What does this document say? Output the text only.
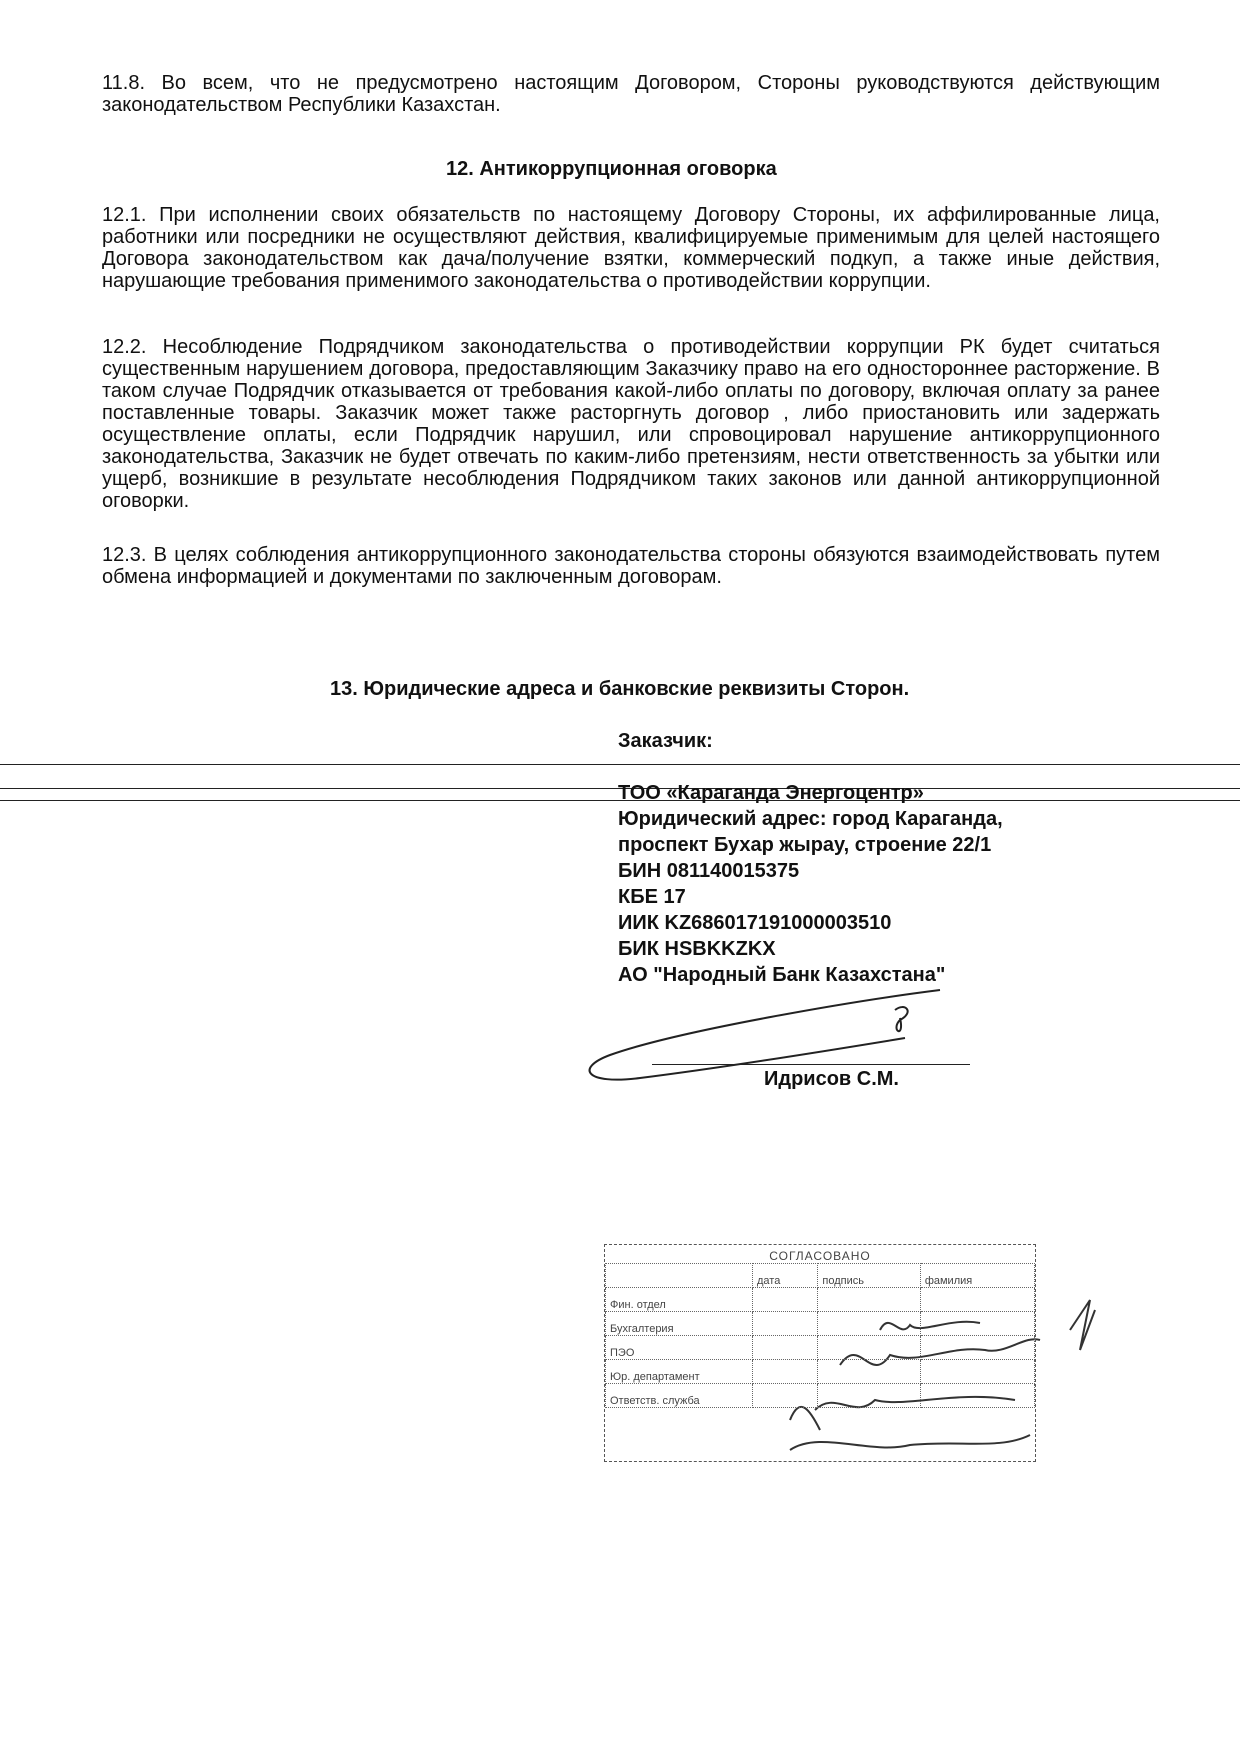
11.8. Во всем, что не предусмотрено настоящим Договором, Стороны руководствуются действующим законодательством Республики Казахстан.

12. Антикоррупционная оговорка

12.1. При исполнении своих обязательств по настоящему Договору Стороны, их аффилированные лица, работники или посредники не осуществляют действия, квалифицируемые применимым для целей настоящего Договора законодательством как дача/получение взятки, коммерческий подкуп, а также иные действия, нарушающие требования применимого законодательства о противодействии коррупции.

12.2. Несоблюдение Подрядчиком законодательства о противодействии коррупции РК будет считаться существенным нарушением договора, предоставляющим Заказчику право на его одностороннее расторжение. В таком случае Подрядчик отказывается от требования какой-либо оплаты по договору, включая оплату за ранее поставленные товары. Заказчик может также расторгнуть договор , либо приостановить или задержать осуществление оплаты, если Подрядчик нарушил, или спровоцировал нарушение антикоррупционного законодательства, Заказчик не будет отвечать по каким-либо претензиям, нести ответственность за убытки или ущерб, возникшие в результате несоблюдения Подрядчиком таких законов или данной антикоррупционной оговорки.

12.3. В целях соблюдения антикоррупционного законодательства стороны обязуются взаимодействовать путем обмена информацией и документами по заключенным договорам.

13. Юридические адреса и банковские реквизиты Сторон.

Заказчик:
ТОО «Караганда Энергоцентр»
Юридический адрес: город Караганда,
проспект Бухар жырау, строение 22/1
БИН 081140015375
КБЕ 17
ИИК KZ686017191000003510
БИК HSBKKZKX
АО "Народный Банк Казахстана"
Идрисов С.М.
СОГЛАСОВАНО
	дата	подпись	фамилия
Фин. отдел			
Бухгалтерия			
ПЭО			
Юр. департамент			
Ответств. служба			
